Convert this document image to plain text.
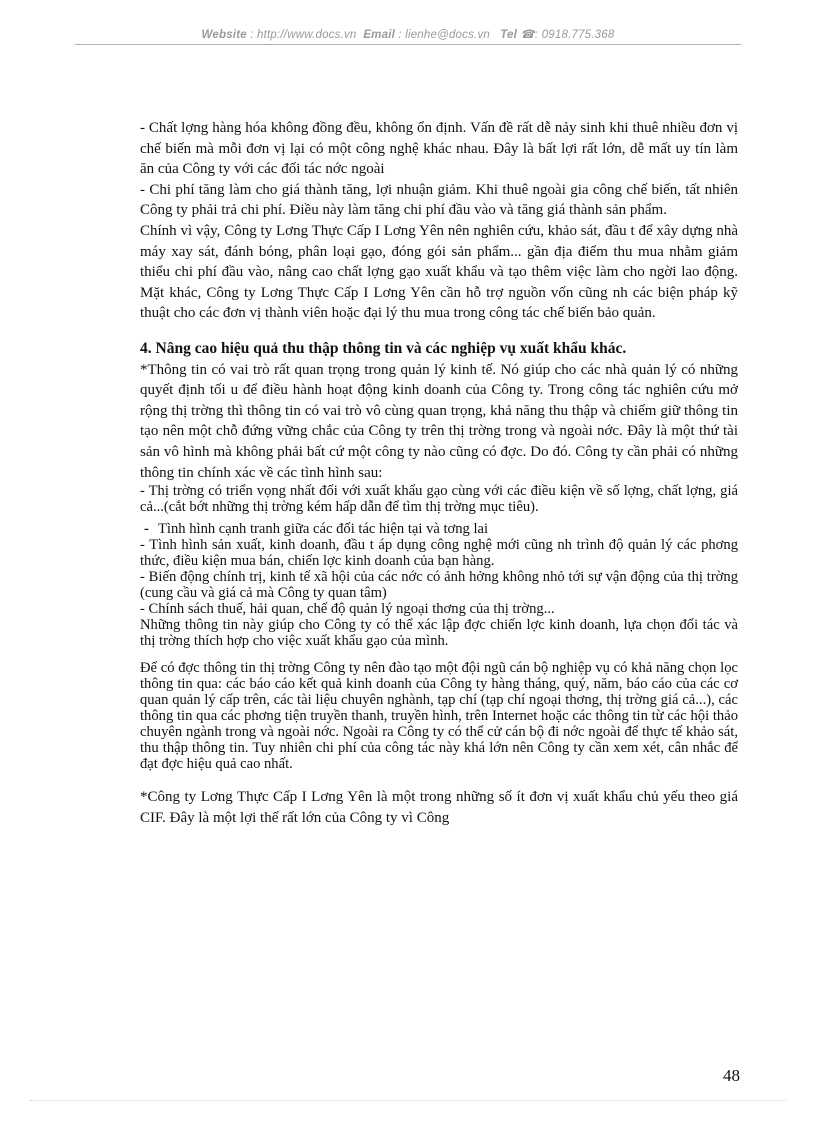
Website : http://www.docs.vn Email : lienhe@docs.vn Tel ☎: 0918.775.368

- Chất lợng hàng hóa không đồng đều, không ổn định. Vấn đề rất dễ nảy sinh khi thuê nhiều đơn vị chế biến mà mỗi đơn vị lại có một công nghệ khác nhau. Đây là bất lợi rất lớn, dễ mất uy tín làm ăn của Công ty với các đối tác nớc ngoài

- Chi phí tăng làm cho giá thành tăng, lợi nhuận giảm. Khi thuê ngoài gia công chế biến, tất nhiên Công ty phải trả chi phí. Điều này làm tăng chi phí đầu vào và tăng giá thành sản phẩm.

Chính vì vậy, Công ty Lơng Thực Cấp I Lơng Yên nên nghiên cứu, khảo sát, đầu t để xây dựng nhà máy xay sát, đánh bóng, phân loại gạo, đóng gói sản phẩm... gần địa điểm thu mua nhằm giảm thiểu chi phí đầu vào, nâng cao chất lợng gạo xuất khẩu và tạo thêm việc làm cho ngời lao động. Mặt khác, Công ty Lơng Thực Cấp I Lơng Yên cần hỗ trợ nguồn vốn cũng nh các biện pháp kỹ thuật cho các đơn vị thành viên hoặc đại lý thu mua trong công tác chế biến bảo quản.

4. Nâng cao hiệu quả thu thập thông tin và các nghiệp vụ xuất khẩu khác.

*Thông tin có vai trò rất quan trọng trong quản lý kinh tế. Nó giúp cho các nhà quản lý có những quyết định tối u để điều hành hoạt động kinh doanh của Công ty. Trong công tác nghiên cứu mở rộng thị trờng thì thông tin có vai trò vô cùng quan trọng, khả năng thu thập và chiếm giữ thông tin tạo nên một chỗ đứng vững chắc của Công ty trên thị trờng trong và ngoài nớc. Đây là một thứ tài sản vô hình mà không phải bất cứ một công ty nào cũng có đợc. Do đó. Công ty cần phải có những thông tin chính xác về các tình hình sau:

- Thị trờng có triển vọng nhất đối với xuất khẩu gạo cùng với các điều kiện về số lợng, chất lợng, giá cả...(cắt bớt những thị trờng kém hấp dẫn để tìm thị trờng mục tiêu).

- Tình hình cạnh tranh giữa các đối tác hiện tại và tơng lai

- Tình hình sản xuất, kinh doanh, đầu t áp dụng công nghệ mới cũng nh trình độ quản lý các phơng thức, điều kiện mua bán, chiến lợc kinh doanh của bạn hàng.

- Biến động chính trị, kinh tế xã hội của các nớc có ảnh hởng không nhỏ tới sự vận động của thị trờng (cung cầu và giá cả mà Công ty quan tâm)

- Chính sách thuế, hải quan, chế độ quản lý ngoại thơng của thị trờng...

Những thông tin này giúp cho Công ty có thể xác lập đợc chiến lợc kinh doanh, lựa chọn đối tác và thị trờng thích hợp cho việc xuất khẩu gạo của mình.

Để có đợc thông tin thị trờng Công ty nên đào tạo một đội ngũ cán bộ nghiệp vụ có khả năng chọn lọc thông tin qua: các báo cáo kết quả kinh doanh của Công ty hàng tháng, quý, năm, báo cáo của các cơ quan quản lý cấp trên, các tài liệu chuyên nghành, tạp chí (tạp chí ngoại thơng, thị trờng giá cả...), các thông tin qua các phơng tiện truyền thanh, truyền hình, trên Internet hoặc các thông tin từ các hội thảo chuyên ngành trong và ngoài nớc. Ngoài ra Công ty có thể cử cán bộ đi nớc ngoài để thực tế khảo sát, thu thập thông tin. Tuy nhiên chi phí của công tác này khá lớn nên Công ty cần xem xét, cân nhắc để đạt đợc hiệu quả cao nhất.

*Công ty Lơng Thực Cấp I Lơng Yên là một trong những số ít đơn vị xuất khẩu chủ yếu theo giá CIF. Đây là một lợi thế rất lớn của Công ty vì Công

48
